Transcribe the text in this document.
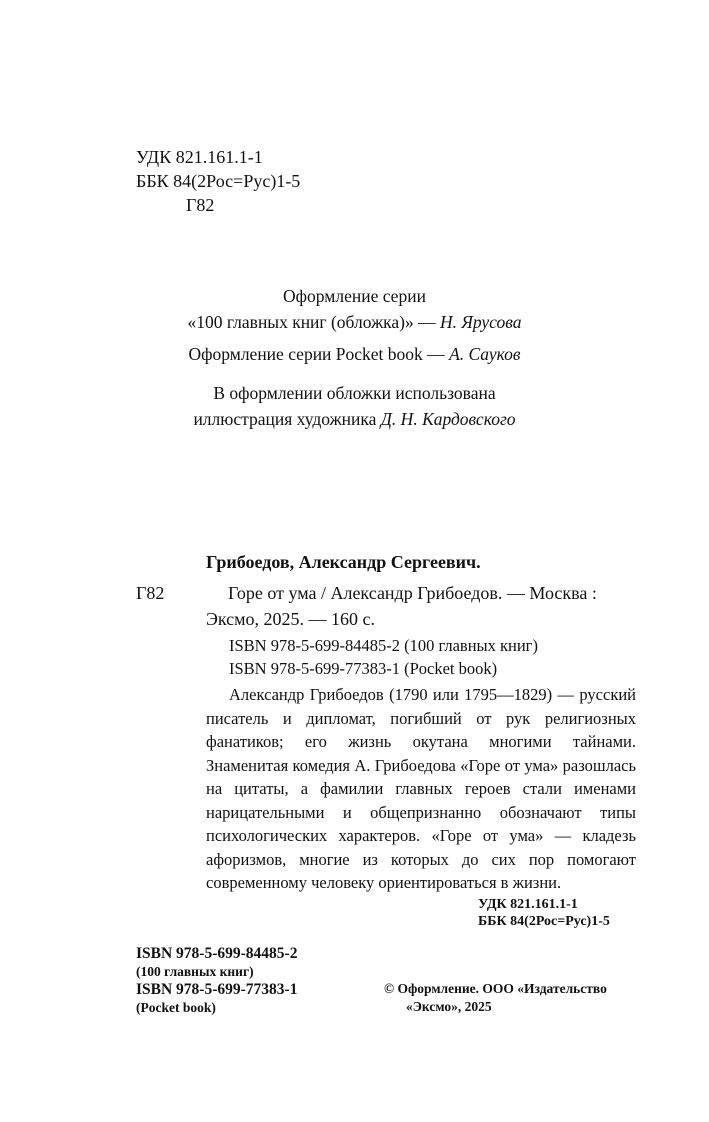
УДК 821.161.1-1
ББК 84(2Рос=Рус)1-5
Г82
Оформление серии
«100 главных книг (обложка)» — Н. Ярусова
Оформление серии Pocket book — А. Сауков
В оформлении обложки использована
иллюстрация художника Д. Н. Кардовского
Г82
Грибоедов, Александр Сергеевич.
Горе от ума / Александр Грибоедов. — Москва : Эксмо, 2025. — 160 с.
ISBN 978-5-699-84485-2 (100 главных книг)
ISBN 978-5-699-77383-1 (Pocket book)
Александр Грибоедов (1790 или 1795—1829) — русский писатель и дипломат, погибший от рук религиозных фанатиков; его жизнь окутана многими тайнами. Знаменитая комедия А. Грибоедова «Горе от ума» разошлась на цитаты, а фамилии главных героев стали именами нарицательными и общепризнанно обозначают типы психологических характеров. «Горе от ума» — кладезь афоризмов, многие из которых до сих пор помогают современному человеку ориентироваться в жизни.
УДК 821.161.1-1
ББК 84(2Рос=Рус)1-5
ISBN 978-5-699-84485-2
(100 главных книг)
ISBN 978-5-699-77383-1
(Pocket book)
© Оформление. ООО «Издательство
«Эксмо», 2025
